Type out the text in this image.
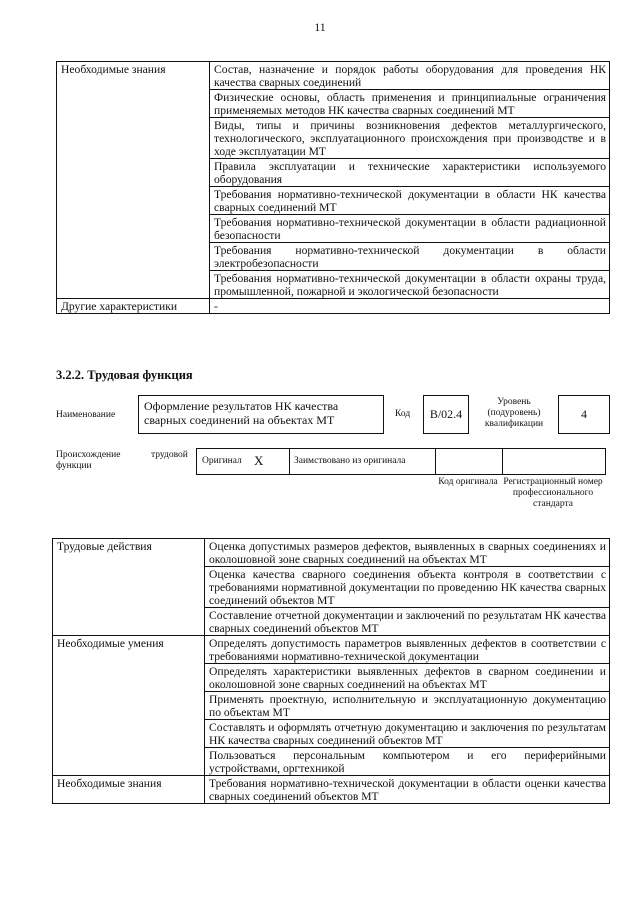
11
Необходимые знания	Состав, назначение и порядок работы оборудования для проведения НК качества сварных соединений
	Физические основы, область применения и принципиальные ограничения применяемых методов НК качества сварных соединений МТ
	Виды, типы и причины возникновения дефектов металлургического, технологического, эксплуатационного происхождения при производстве и в ходе эксплуатации МТ
	Правила эксплуатации и технические характеристики используемого оборудования
	Требования нормативно-технической документации в области НК качества сварных соединений МТ
	Требования нормативно-технической документации в области радиационной безопасности
	Требования нормативно-технической документации в области электробезопасности
	Требования нормативно-технической документации в области охраны труда, промышленной, пожарной и экологической безопасности
Другие характеристики	-
3.2.2. Трудовая функция
Наименование
Оформление результатов НК качества сварных соединений на объектах МТ	Код	B/02.4
Уровень (подуровень) квалификации
4
Происхождение	трудовой
функции	Оригинал X	Заимствовано из оригинала
Код оригинала Регистрационный номер профессионального стандарта
Трудовые действия	Оценка допустимых размеров дефектов, выявленных в сварных соединениях и околошовной зоне сварных соединений на объектах МТ
	Оценка качества сварного соединения объекта контроля в соответствии с требованиями нормативной документации по проведению НК качества сварных соединений объектов МТ
	Составление отчетной документации и заключений по результатам НК качества сварных соединений объектов МТ
Необходимые умения	Определять допустимость параметров выявленных дефектов в соответствии с требованиями нормативно-технической документации
	Определять характеристики выявленных дефектов в сварном соединении и околошовной зоне сварных соединений на объектах МТ
	Применять проектную, исполнительную и эксплуатационную документацию по объектам МТ
	Составлять и оформлять отчетную документацию и заключения по результатам НК качества сварных соединений объектов МТ
	Пользоваться персональным компьютером и его периферийными устройствами, оргтехникой
Необходимые знания	Требования нормативно-технической документации в области оценки качества сварных соединений объектов МТ
